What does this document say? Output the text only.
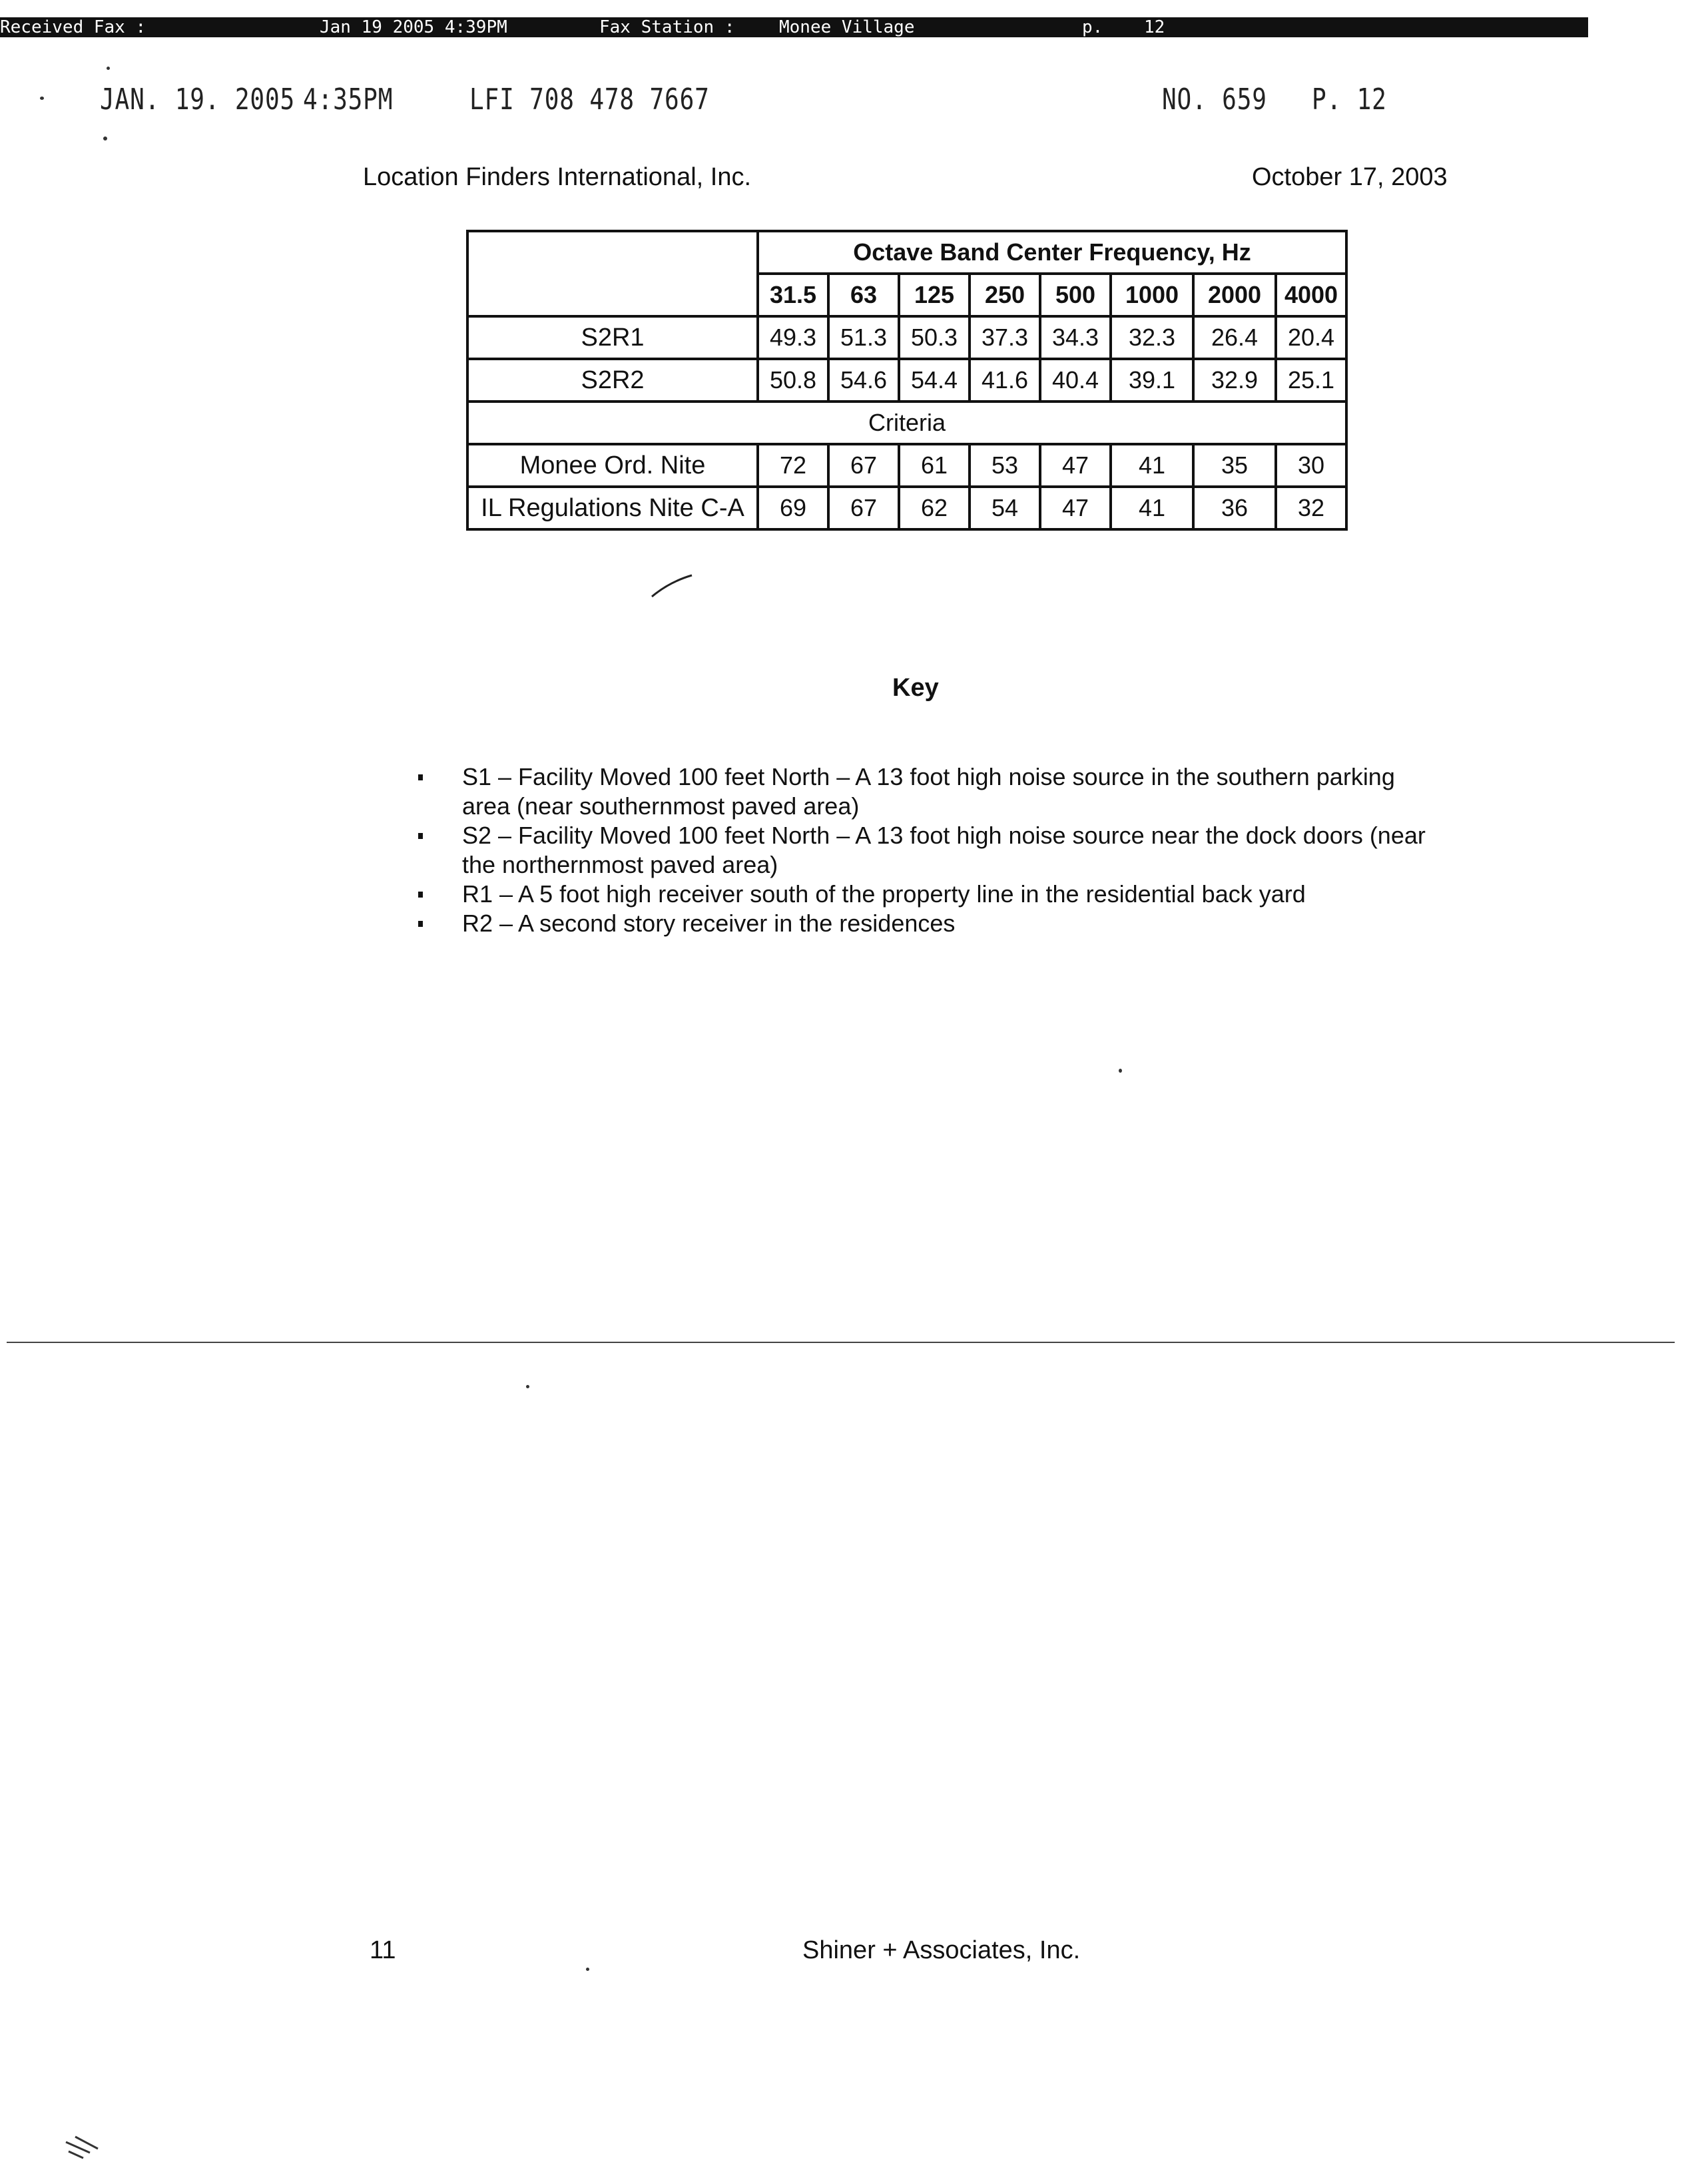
Received Fax :	Jan 19 2005 4:39PM	Fax Station :	Monee Village	p. 12
JAN. 19. 2005 4:35PM	LFI 708 478 7667	NO. 659 P. 12
Location Finders International, Inc.	October 17, 2003
	Octave Band Center Frequency, Hz							
	31.5	63	125	250	500	1000	2000	4000
S2R1	49.3	51.3	50.3	37.3	34.3	32.3	26.4	20.4
S2R2	50.8	54.6	54.4	41.6	40.4	39.1	32.9	25.1
Criteria								
Monee Ord. Nite	72	67	61	53	47	41	35	30
IL Regulations Nite C-A	69	67	62	54	47	41	36	32
Key
S1 – Facility Moved 100 feet North – A 13 foot high noise source in the southern parking area (near southernmost paved area)
S2 – Facility Moved 100 feet North – A 13 foot high noise source near the dock doors (near the northernmost paved area)
R1 – A 5 foot high receiver south of the property line in the residential back yard
R2 – A second story receiver in the residences
11	Shiner + Associates, Inc.
